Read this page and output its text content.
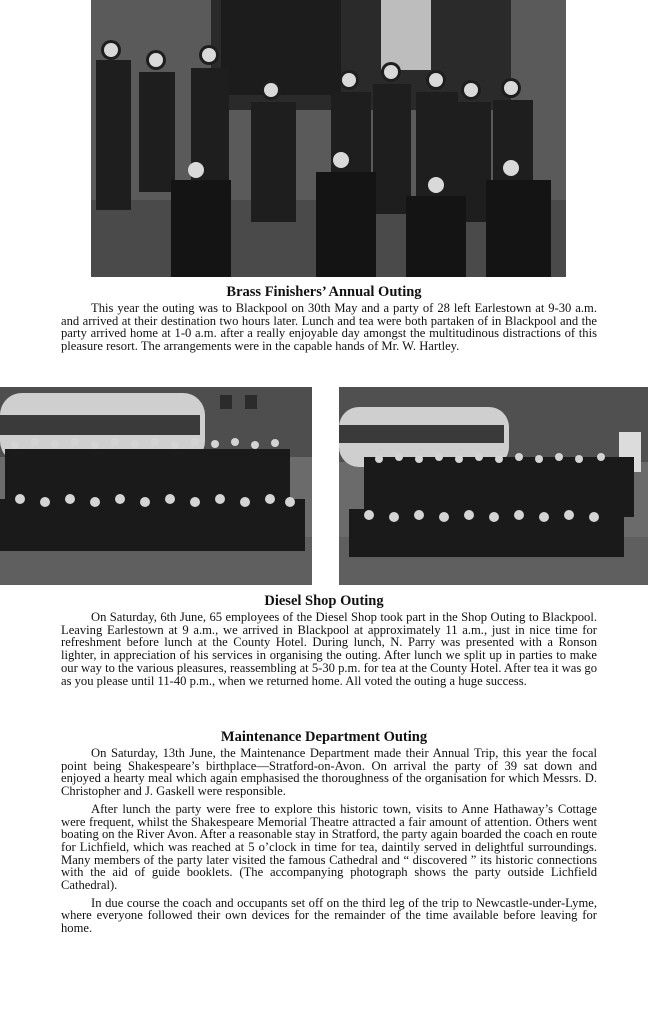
Brass Finishers’ Annual Outing

This year the outing was to Blackpool on 30th May and a party of 28 left Earlestown at 9-30 a.m. and arrived at their destination two hours later. Lunch and tea were both partaken of in Blackpool and the party arrived home at 1-0 a.m. after a really enjoyable day amongst the multitudinous distractions of this pleasure resort. The arrangements were in the capable hands of Mr. W. Hartley.

Diesel Shop Outing

On Saturday, 6th June, 65 employees of the Diesel Shop took part in the Shop Outing to Blackpool. Leaving Earlestown at 9 a.m., we arrived in Blackpool at approximately 11 a.m., just in nice time for refreshment before lunch at the County Hotel. During lunch, N. Parry was presented with a Ronson lighter, in appreciation of his services in organising the outing. After lunch we split up in parties to make our way to the various pleasures, reassembling at 5-30 p.m. for tea at the County Hotel. After tea it was go as you please until 11-40 p.m., when we returned home. All voted the outing a huge success.

Maintenance Department Outing

On Saturday, 13th June, the Maintenance Department made their Annual Trip, this year the focal point being Shakespeare’s birthplace—Stratford-on-Avon. On arrival the party of 39 sat down and enjoyed a hearty meal which again emphasised the thoroughness of the organisation for which Messrs. D. Christopher and J. Gaskell were responsible.

After lunch the party were free to explore this historic town, visits to Anne Hathaway’s Cottage were frequent, whilst the Shakespeare Memorial Theatre attracted a fair amount of attention. Others went boating on the River Avon. After a reasonable stay in Stratford, the party again boarded the coach en route for Lichfield, which was reached at 5 o’clock in time for tea, daintily served in delightful surroundings. Many members of the party later visited the famous Cathedral and “ discovered ” its historic connections with the aid of guide booklets. (The accompanying photograph shows the party outside Lichfield Cathedral).

In due course the coach and occupants set off on the third leg of the trip to Newcastle-under-Lyme, where everyone followed their own devices for the remainder of the time available before leaving for home.
